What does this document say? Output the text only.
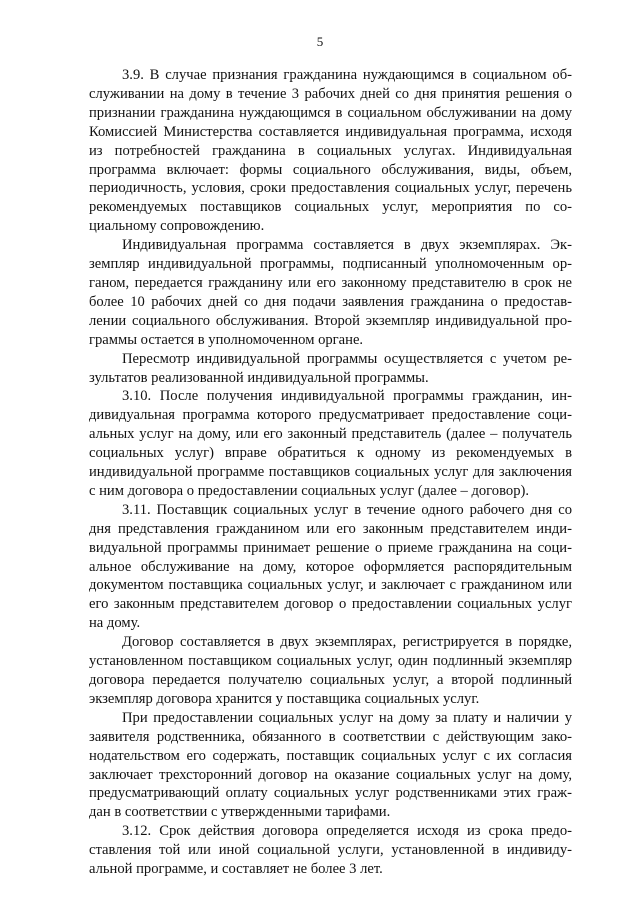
5

3.9. В случае признания гражданина нуждающимся в социальном обслуживании на дому в течение 3 рабочих дней со дня принятия решения о признании гражданина нуждающимся в социальном обслуживании на дому Комиссией Министерства составляется индивидуальная программа, исходя из потребностей гражданина в социальных услугах. Индивидуальная программа включает: формы социального обслуживания, виды, объем, периодичность, условия, сроки предоставления социальных услуг, перечень рекомендуемых поставщиков социальных услуг, мероприятия по социальному сопровождению.

Индивидуальная программа составляется в двух экземплярах. Экземпляр индивидуальной программы, подписанный уполномоченным органом, передается гражданину или его законному представителю в срок не более 10 рабочих дней со дня подачи заявления гражданина о предоставлении социального обслуживания. Второй экземпляр индивидуальной программы остается в уполномоченном органе.

Пересмотр индивидуальной программы осуществляется с учетом результатов реализованной индивидуальной программы.

3.10. После получения индивидуальной программы гражданин, индивидуальная программа которого предусматривает предоставление социальных услуг на дому, или его законный представитель (далее – получатель социальных услуг) вправе обратиться к одному из рекомендуемых в индивидуальной программе поставщиков социальных услуг для заключения с ним договора о предоставлении социальных услуг (далее – договор).

3.11. Поставщик социальных услуг в течение одного рабочего дня со дня представления гражданином или его законным представителем индивидуальной программы принимает решение о приеме гражданина на социальное обслуживание на дому, которое оформляется распорядительным документом поставщика социальных услуг, и заключает с гражданином или его законным представителем договор о предоставлении социальных услуг на дому.

Договор составляется в двух экземплярах, регистрируется в порядке, установленном поставщиком социальных услуг, один подлинный экземпляр договора передается получателю социальных услуг, а второй подлинный экземпляр договора хранится у поставщика социальных услуг.

При предоставлении социальных услуг на дому за плату и наличии у заявителя родственника, обязанного в соответствии с действующим законодательством его содержать, поставщик социальных услуг с их согласия заключает трехсторонний договор на оказание социальных услуг на дому, предусматривающий оплату социальных услуг родственниками этих граждан в соответствии с утвержденными тарифами.

3.12. Срок действия договора определяется исходя из срока предоставления той или иной социальной услуги, установленной в индивидуальной программе, и составляет не более 3 лет.
